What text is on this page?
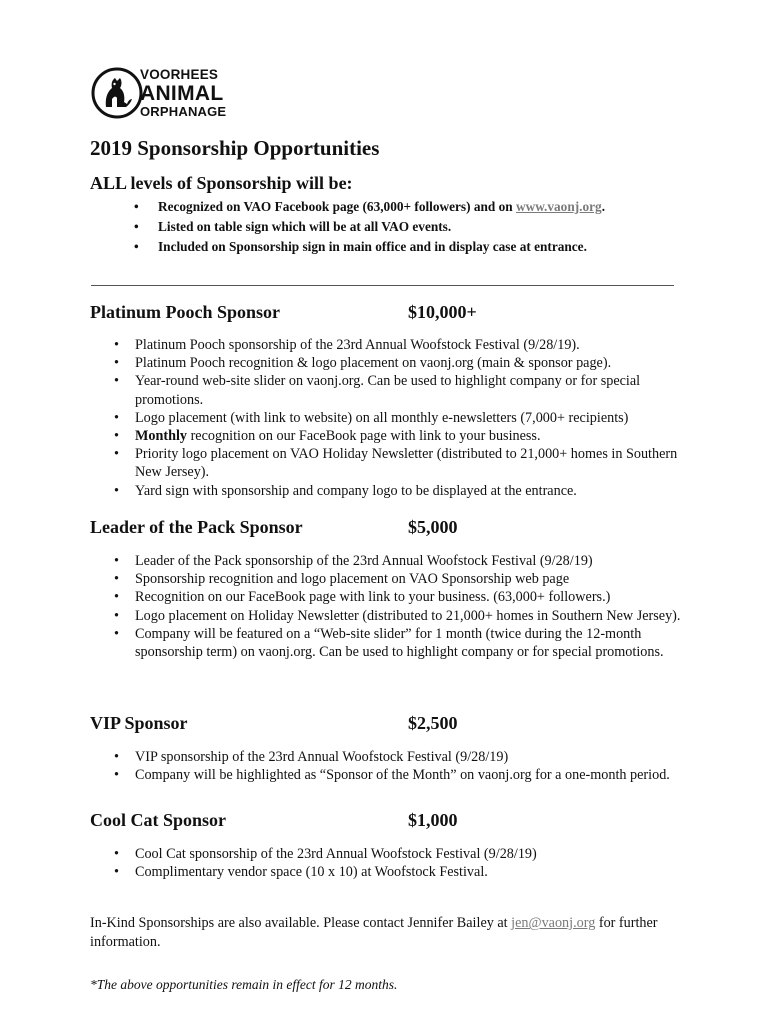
VOORHEES
ANIMAL
ORPHANAGE
2019 Sponsorship Opportunities
ALL levels of Sponsorship will be:
• Recognized on VAO Facebook page (63,000+ followers) and on www.vaonj.org.
• Listed on table sign which will be at all VAO events.
• Included on Sponsorship sign in main office and in display case at entrance.
Platinum Pooch Sponsor	$10,000+
• Platinum Pooch sponsorship of the 23rd Annual Woofstock Festival (9/28/19).
• Platinum Pooch recognition & logo placement on vaonj.org (main & sponsor page).
• Year-round web-site slider on vaonj.org. Can be used to highlight company or for special promotions.
• Logo placement (with link to website) on all monthly e-newsletters (7,000+ recipients)
• Monthly recognition on our FaceBook page with link to your business.
• Priority logo placement on VAO Holiday Newsletter (distributed to 21,000+ homes in Southern New Jersey).
• Yard sign with sponsorship and company logo to be displayed at the entrance.
Leader of the Pack Sponsor	$5,000
• Leader of the Pack sponsorship of the 23rd Annual Woofstock Festival (9/28/19)
• Sponsorship recognition and logo placement on VAO Sponsorship web page
• Recognition on our FaceBook page with link to your business. (63,000+ followers.)
• Logo placement on Holiday Newsletter (distributed to 21,000+ homes in Southern New Jersey).
• Company will be featured on a “Web-site slider” for 1 month (twice during the 12-month sponsorship term) on vaonj.org. Can be used to highlight company or for special promotions.
VIP Sponsor	$2,500
• VIP sponsorship of the 23rd Annual Woofstock Festival (9/28/19)
• Company will be highlighted as “Sponsor of the Month” on vaonj.org for a one-month period.
Cool Cat Sponsor	$1,000
• Cool Cat sponsorship of the 23rd Annual Woofstock Festival (9/28/19)
• Complimentary vendor space (10 x 10) at Woofstock Festival.

In-Kind Sponsorships are also available. Please contact Jennifer Bailey at jen@vaonj.org for further information.

*The above opportunities remain in effect for 12 months.
